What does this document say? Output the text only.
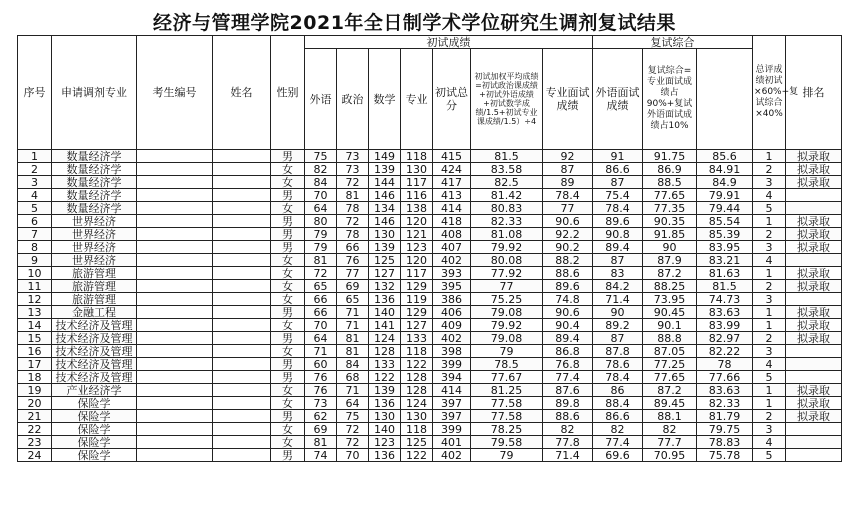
经济与管理学院2021年全日制学术学位研究生调剂复试结果
序号	申请调剂专业	考生编号	姓名	性别	初试成绩							复试综合			总评成绩初试×60%+复试综合×40%	排名	
					外语	政治	数学	专业	初试总分	初试加权平均成绩=初试政治课成绩+初试外语成绩+初试数学成绩/1.5+初试专业课成绩/1.5）÷4	专业面试成绩	外语面试成绩	复试综合=专业面试成绩占90%+复试外语面试成绩占10%				
1	数量经济学			男	75	73	149	118	415	81.5	92	91	91.75	85.6	1	拟录取	
2	数量经济学			女	82	73	139	130	424	83.58	87	86.6	86.9	84.91	2	拟录取	
3	数量经济学			女	84	72	144	117	417	82.5	89	87	88.5	84.9	3	拟录取	
4	数量经济学			男	70	81	146	116	413	81.42	78.4	75.4	77.65	79.91	4		
5	数量经济学			女	64	78	134	138	414	80.83	77	78.4	77.35	79.44	5		
6	世界经济			男	80	72	146	120	418	82.33	90.6	89.6	90.35	85.54	1	拟录取	
7	世界经济			男	79	78	130	121	408	81.08	92.2	90.8	91.85	85.39	2	拟录取	
8	世界经济			男	79	66	139	123	407	79.92	90.2	89.4	90	83.95	3	拟录取	
9	世界经济			女	81	76	125	120	402	80.08	88.2	87	87.9	83.21	4		
10	旅游管理			女	72	77	127	117	393	77.92	88.6	83	87.2	81.63	1	拟录取	
11	旅游管理			女	65	69	132	129	395	77	89.6	84.2	88.25	81.5	2	拟录取	
12	旅游管理			女	66	65	136	119	386	75.25	74.8	71.4	73.95	74.73	3		
13	金融工程			男	66	71	140	129	406	79.08	90.6	90	90.45	83.63	1	拟录取	
14	技术经济及管理			女	70	71	141	127	409	79.92	90.4	89.2	90.1	83.99	1	拟录取	
15	技术经济及管理			男	64	81	124	133	402	79.08	89.4	87	88.8	82.97	2	拟录取	
16	技术经济及管理			女	71	81	128	118	398	79	86.8	87.8	87.05	82.22	3		
17	技术经济及管理			男	60	84	133	122	399	78.5	76.8	78.6	77.25	78	4		
18	技术经济及管理			男	76	68	122	128	394	77.67	77.4	78.4	77.65	77.66	5		
19	产业经济学			女	76	71	139	128	414	81.25	87.6	86	87.2	83.63	1	拟录取	
20	保险学			女	73	64	136	124	397	77.58	89.8	88.4	89.45	82.33	1	拟录取	
21	保险学			男	62	75	130	130	397	77.58	88.6	86.6	88.1	81.79	2	拟录取	
22	保险学			女	69	72	140	118	399	78.25	82	82	82	79.75	3		
23	保险学			女	81	72	123	125	401	79.58	77.8	77.4	77.7	78.83	4		
24	保险学			男	74	70	136	122	402	79	71.4	69.6	70.95	75.78	5		
